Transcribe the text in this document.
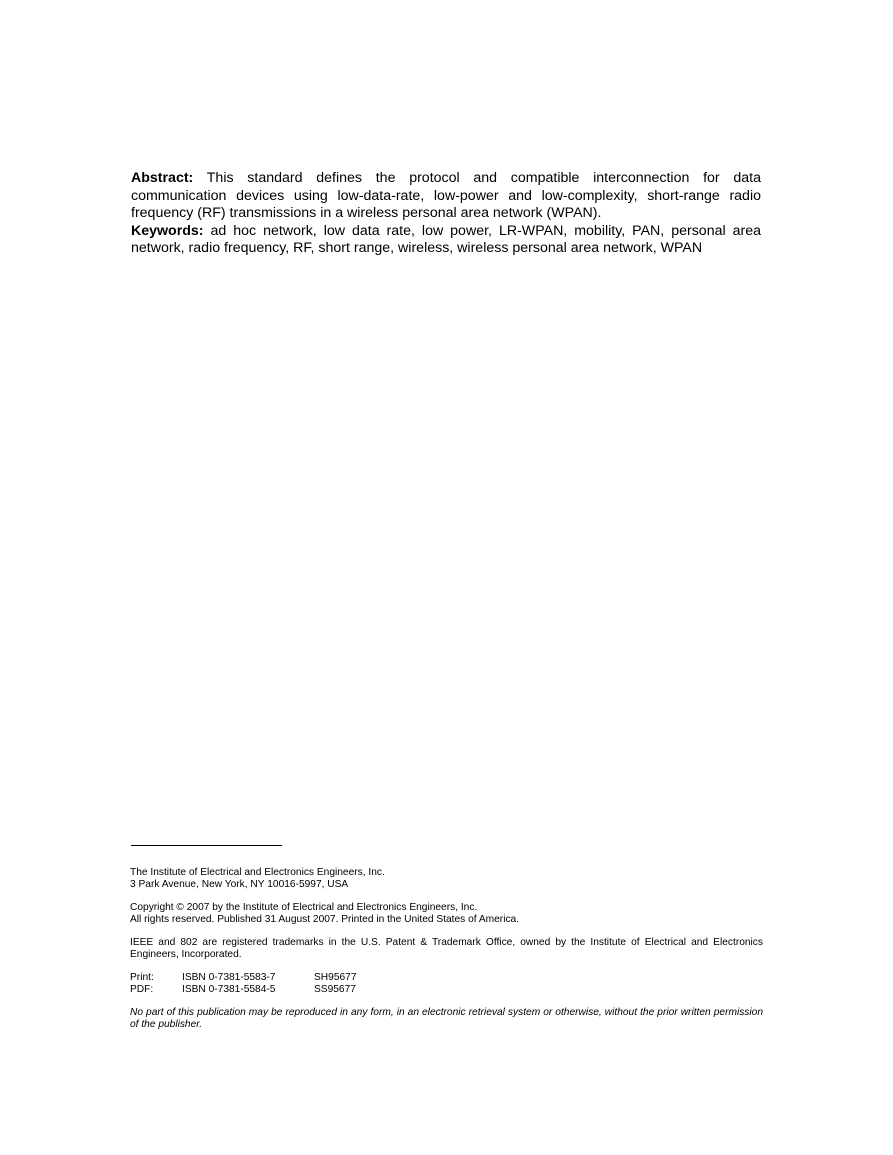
Abstract: This standard defines the protocol and compatible interconnection for data communication devices using low-data-rate, low-power and low-complexity, short-range radio frequency (RF) transmissions in a wireless personal area network (WPAN).

Keywords: ad hoc network, low data rate, low power, LR-WPAN, mobility, PAN, personal area network, radio frequency, RF, short range, wireless, wireless personal area network, WPAN

The Institute of Electrical and Electronics Engineers, Inc.

3 Park Avenue, New York, NY 10016-5997, USA

Copyright © 2007 by the Institute of Electrical and Electronics Engineers, Inc.

All rights reserved. Published 31 August 2007. Printed in the United States of America.

IEEE and 802 are registered trademarks in the U.S. Patent & Trademark Office, owned by the Institute of Electrical and Electronics Engineers, Incorporated.

Print:	ISBN 0-7381-5583-7	SH95677
PDF:	ISBN 0-7381-5584-5	SS95677

No part of this publication may be reproduced in any form, in an electronic retrieval system or otherwise, without the prior written permission of the publisher.
